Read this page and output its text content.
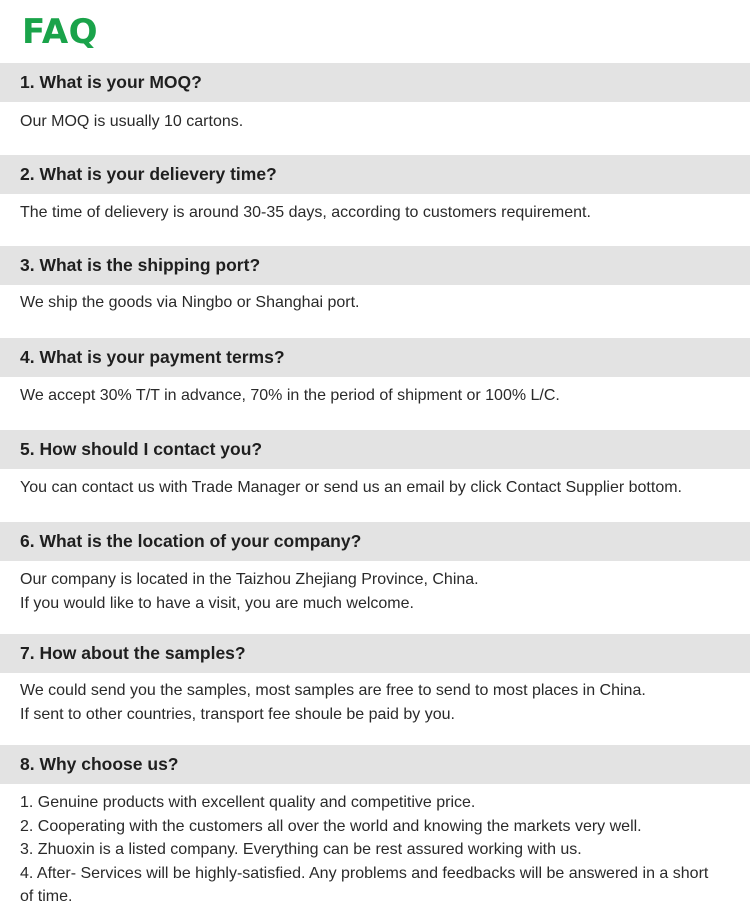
FAQ
1. What is your MOQ?
Our MOQ is usually 10 cartons.
2. What is your delievery time?
The time of delievery is around 30-35 days, according to customers requirement.
3. What is the shipping port?
We ship the goods via Ningbo or Shanghai port.
4. What is your payment terms?
We accept 30% T/T in advance, 70% in the period of shipment or 100% L/C.
5. How should I contact you?
You can contact us with Trade Manager or send us an email by click Contact Supplier bottom.
6. What is the location of your company?
Our company is located in the Taizhou Zhejiang Province, China.
If you would like to have a visit, you are much welcome.
7. How about the samples?
We could send you the samples, most samples are free to send to most places in China.
If sent to other countries, transport fee shoule be paid by you.
8. Why choose us?
1. Genuine products with excellent quality and competitive price.
2. Cooperating with the customers all over the world and knowing the markets very well.
3. Zhuoxin is a listed company. Everything can be rest assured working with us.
4. After- Services will be highly-satisfied. Any problems and feedbacks will be answered in a short of time.
